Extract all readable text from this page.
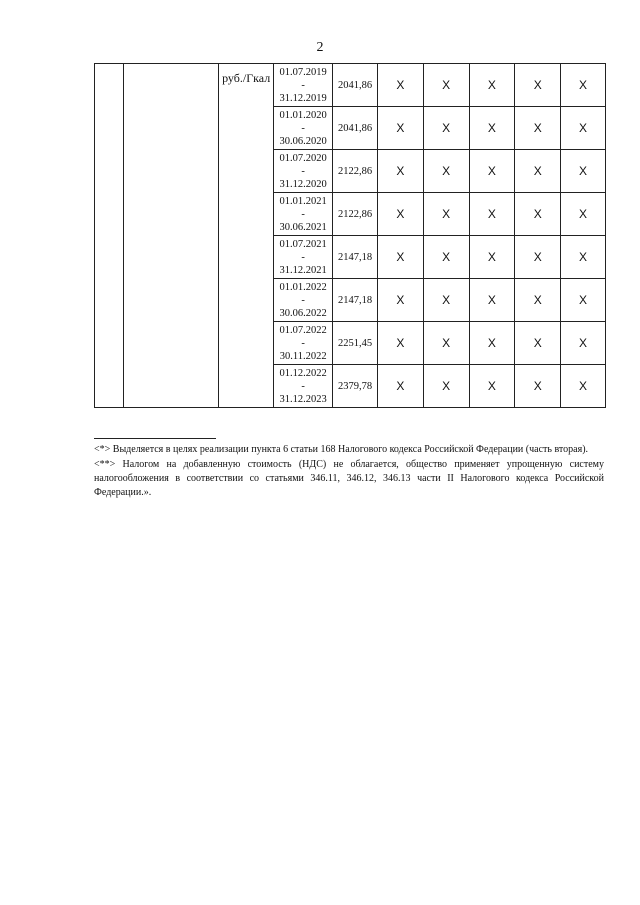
2
		руб./Гкал	01.07.2019
-
31.12.2019	2041,86	X	X	X	X	X

			01.01.2020
-
30.06.2020	2041,86	X	X	X	X	X

			01.07.2020
-
31.12.2020	2122,86	X	X	X	X	X

			01.01.2021
-
30.06.2021	2122,86	X	X	X	X	X

			01.07.2021
-
31.12.2021	2147,18	X	X	X	X	X

			01.01.2022
-
30.06.2022	2147,18	X	X	X	X	X

			01.07.2022
-
30.11.2022	2251,45	X	X	X	X	X

			01.12.2022
-
31.12.2023	2379,78	X	X	X	X	X

<*> Выделяется в целях реализации пункта 6 статьи 168 Налогового кодекса Российской Федерации (часть вторая).

<**> Налогом на добавленную стоимость (НДС) не облагается, общество применяет упрощенную систему налогообложения в соответствии со статьями 346.11, 346.12, 346.13 части II Налогового кодекса Российской Федерации.».
